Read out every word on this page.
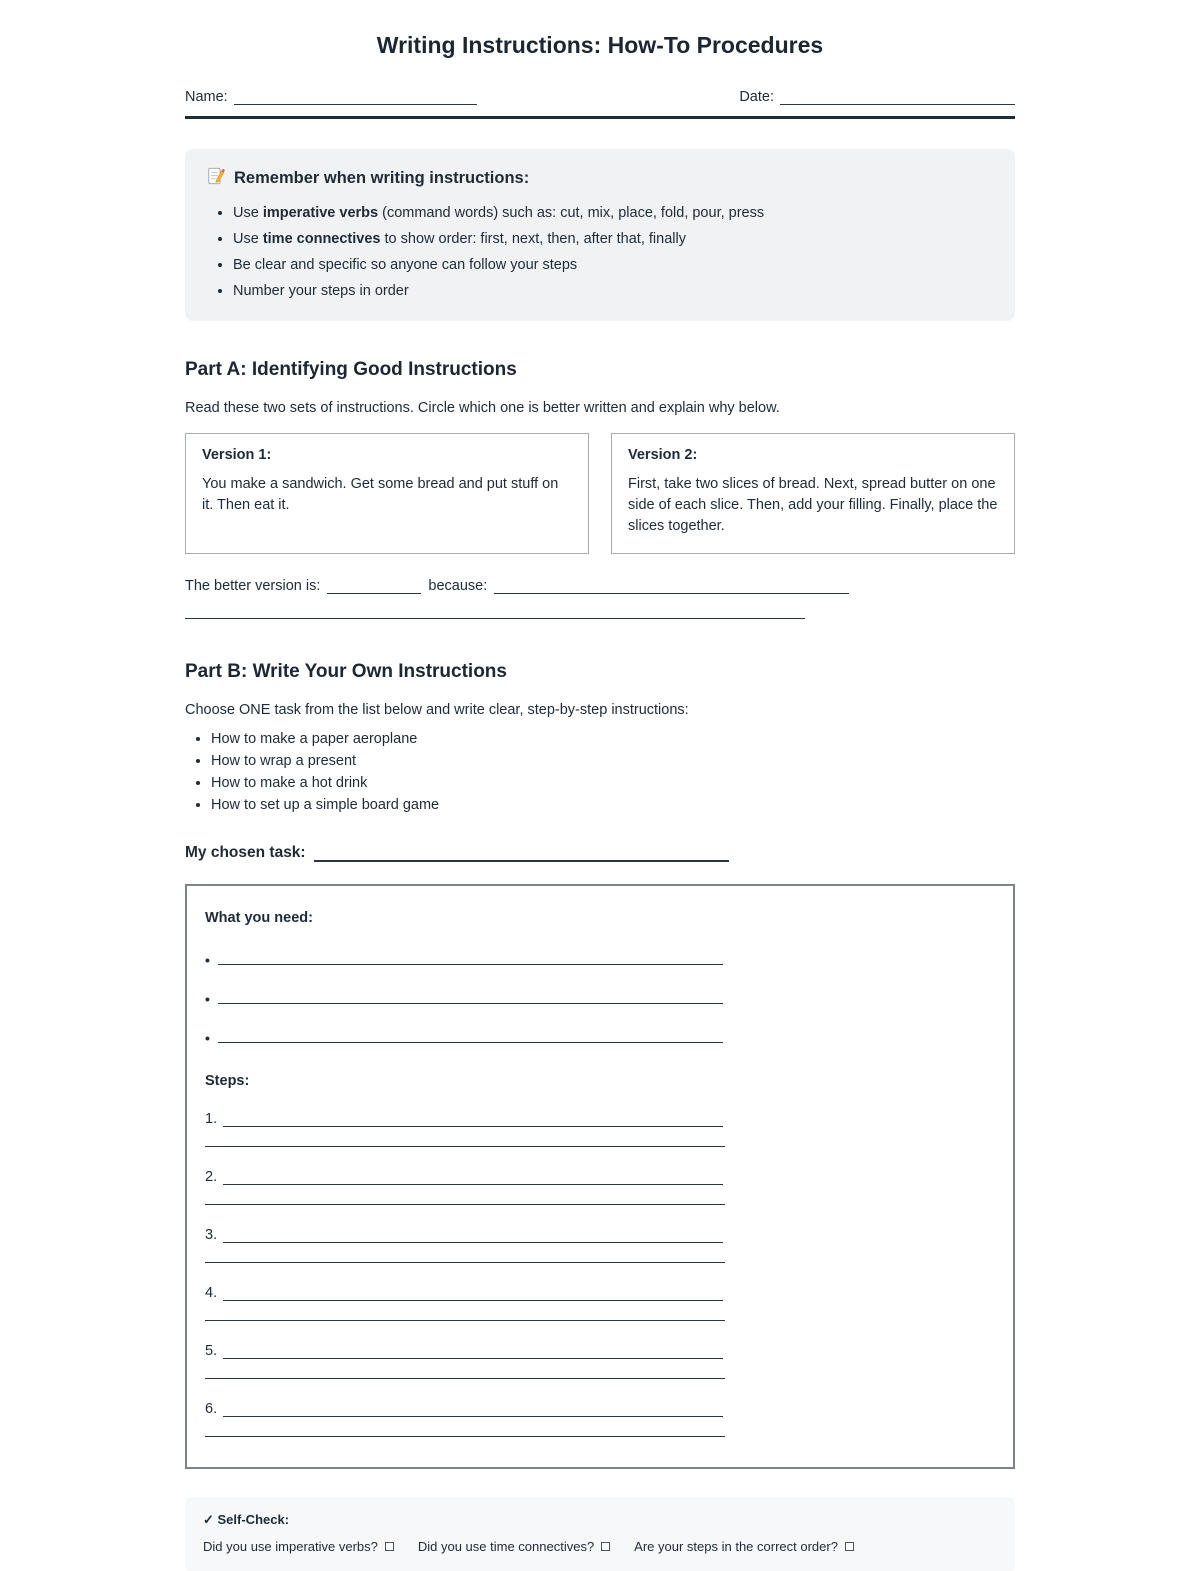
Writing Instructions: How-To Procedures
Name:	Date:
Remember when writing instructions:
• Use imperative verbs (command words) such as: cut, mix, place, fold, pour, press
• Use time connectives to show order: first, next, then, after that, finally
• Be clear and specific so anyone can follow your steps
• Number your steps in order
Part A: Identifying Good Instructions

Read these two sets of instructions. Circle which one is better written and explain why below.

Version 1:
You make a sandwich. Get some bread and put stuff on it. Then eat it.
Version 2:
First, take two slices of bread. Next, spread butter on one side of each slice. Then, add your filling. Finally, place the slices together.
The better version is:	because:
Part B: Write Your Own Instructions

Choose ONE task from the list below and write clear, step-by-step instructions:

• How to make a paper aeroplane
• How to wrap a present
• How to make a hot drink
• How to set up a simple board game
My chosen task:
What you need:
•
•
•
Steps:
1.
2.
3.
4.
5.
6.
✓ Self-Check:
Did you use imperative verbs?	Did you use time connectives?	Are your steps in the correct order?
